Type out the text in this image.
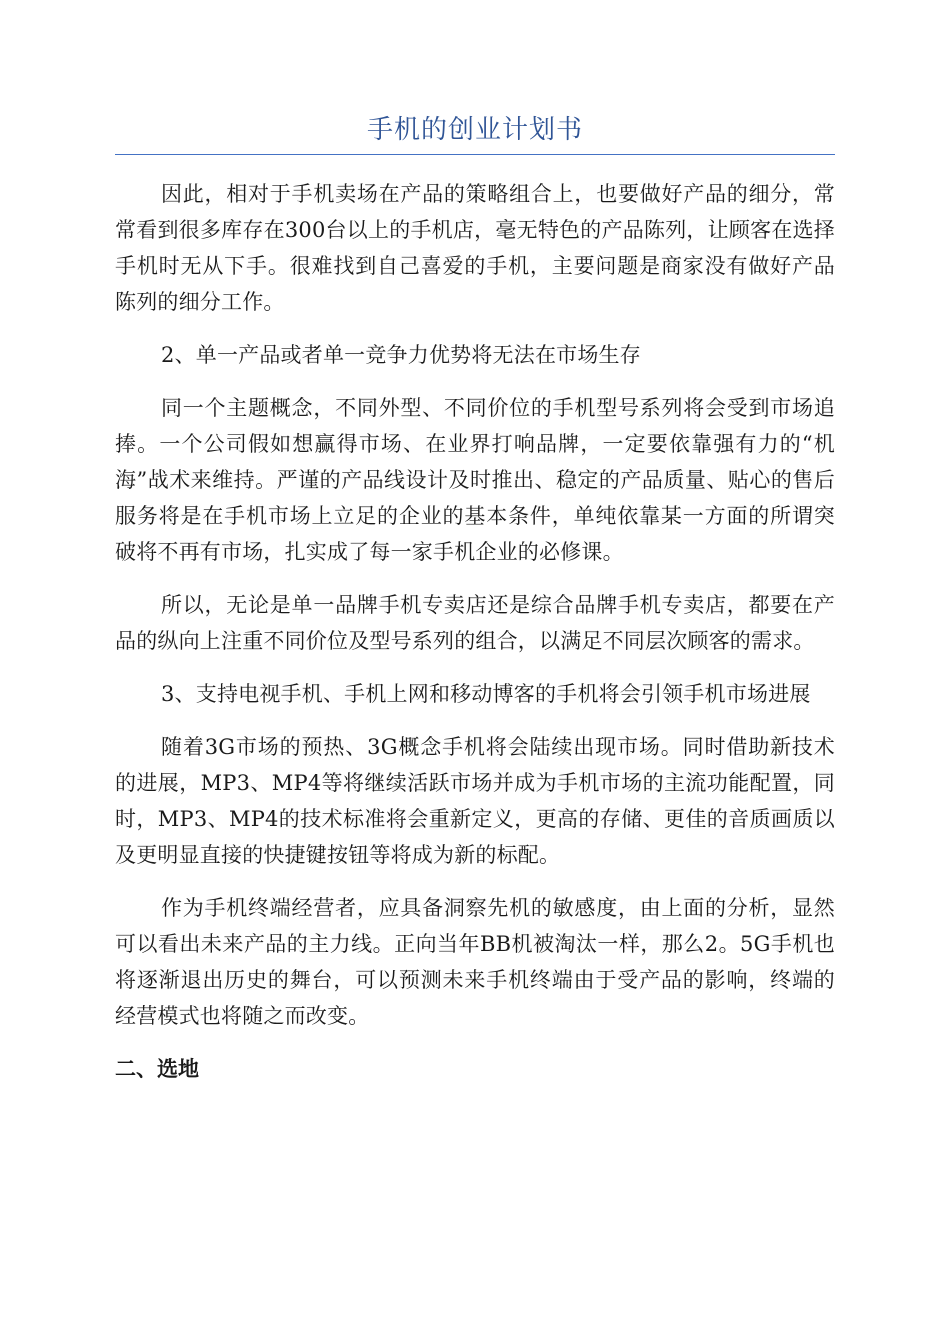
手机的创业计划书

因此，相对于手机卖场在产品的策略组合上，也要做好产品的细分，常常看到很多库存在300台以上的手机店，毫无特色的产品陈列，让顾客在选择手机时无从下手。很难找到自己喜爱的手机，主要问题是商家没有做好产品陈列的细分工作。

2、单一产品或者单一竞争力优势将无法在市场生存

同一个主题概念，不同外型、不同价位的手机型号系列将会受到市场追捧。一个公司假如想赢得市场、在业界打响品牌，一定要依靠强有力的“机海”战术来维持。严谨的产品线设计及时推出、稳定的产品质量、贴心的售后服务将是在手机市场上立足的企业的基本条件，单纯依靠某一方面的所谓突破将不再有市场，扎实成了每一家手机企业的必修课。

所以，无论是单一品牌手机专卖店还是综合品牌手机专卖店，都要在产品的纵向上注重不同价位及型号系列的组合，以满足不同层次顾客的需求。

3、支持电视手机、手机上网和移动博客的手机将会引领手机市场进展

随着3G市场的预热、3G概念手机将会陆续出现市场。同时借助新技术的进展，MP3、MP4等将继续活跃市场并成为手机市场的主流功能配置，同时，MP3、MP4的技术标准将会重新定义，更高的存储、更佳的音质画质以及更明显直接的快捷键按钮等将成为新的标配。

作为手机终端经营者，应具备洞察先机的敏感度，由上面的分析，显然可以看出未来产品的主力线。正向当年BB机被淘汰一样，那么2。5G手机也将逐渐退出历史的舞台，可以预测未来手机终端由于受产品的影响，终端的经营模式也将随之而改变。

二、选地
